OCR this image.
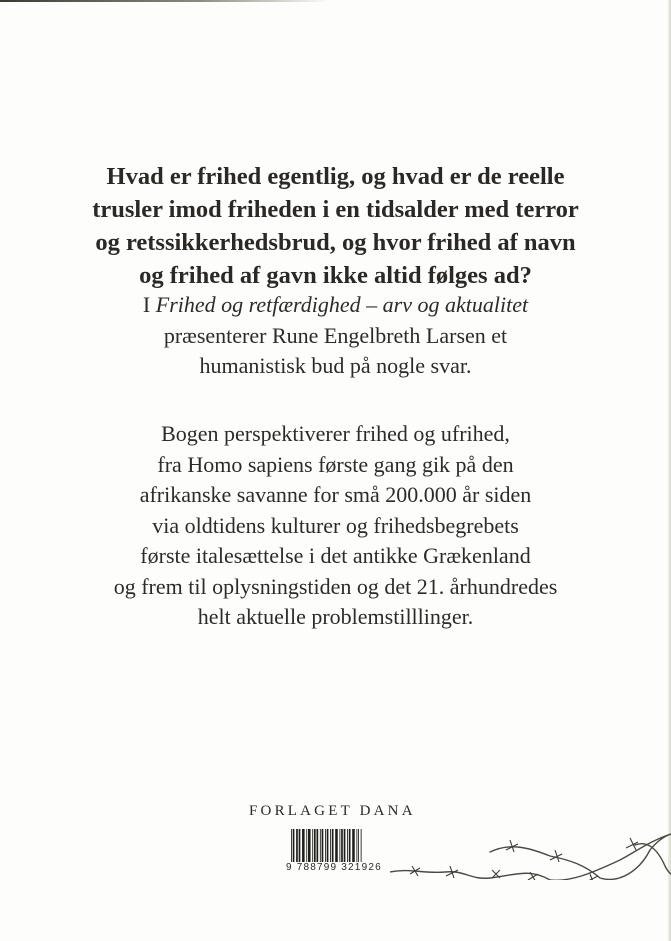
Hvad er frihed egentlig, og hvad er de reelle
trusler imod friheden i en tidsalder med terror
og retssikkerhedsbrud, og hvor frihed af navn
og frihed af gavn ikke altid følges ad?
I Frihed og retfærdighed – arv og aktualitet
præsenterer Rune Engelbreth Larsen et
humanistisk bud på nogle svar.
Bogen perspektiverer frihed og ufrihed,
fra Homo sapiens første gang gik på den
afrikanske savanne for små 200.000 år siden
via oldtidens kulturer og frihedsbegrebets
første italesættelse i det antikke Grækenland
og frem til oplysningstiden og det 21. århundredes
helt aktuelle problemstilllinger.
FORLAGET DANA
9 788799 321926
